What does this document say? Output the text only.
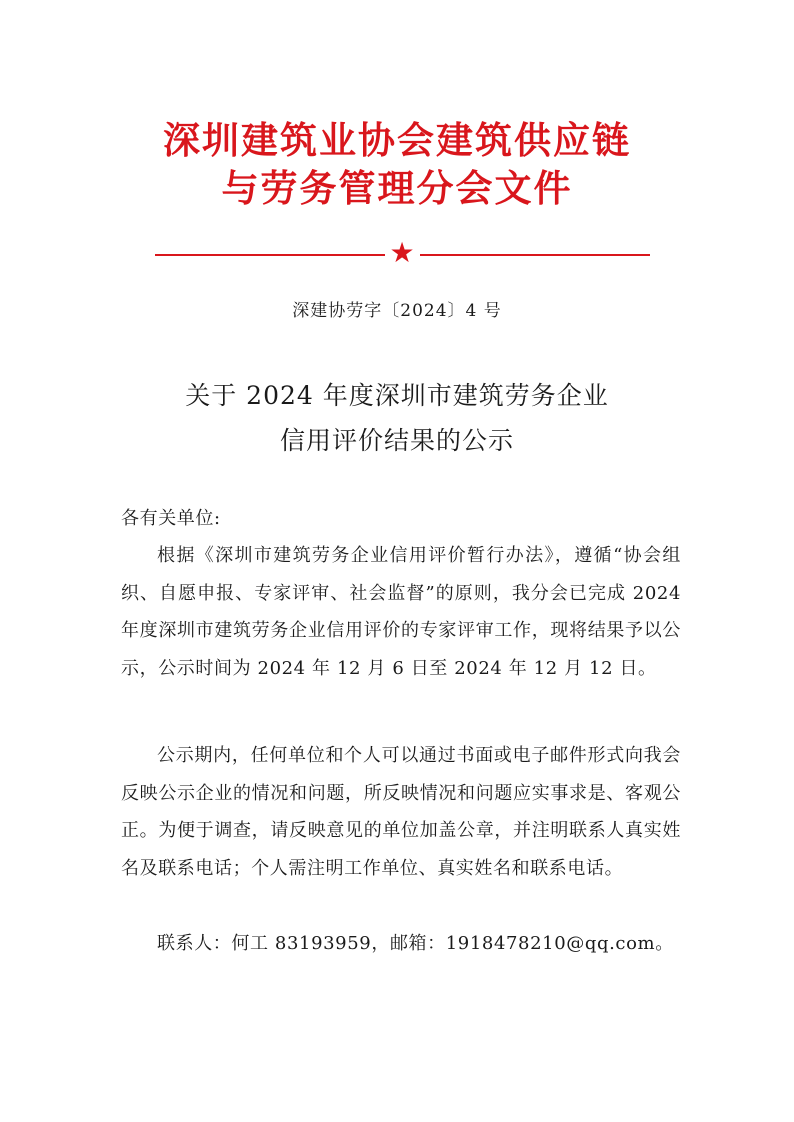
深圳建筑业协会建筑供应链
与劳务管理分会文件
★
深建协劳字〔2024〕4 号
关于 2024 年度深圳市建筑劳务企业
信用评价结果的公示
各有关单位:
根据《深圳市建筑劳务企业信用评价暂行办法》，遵循“协会组织、自愿申报、专家评审、社会监督”的原则，我分会已完成 2024 年度深圳市建筑劳务企业信用评价的专家评审工作，现将结果予以公示，公示时间为 2024 年 12 月 6 日至 2024 年 12 月 12 日。
公示期内，任何单位和个人可以通过书面或电子邮件形式向我会反映公示企业的情况和问题，所反映情况和问题应实事求是、客观公正。为便于调查，请反映意见的单位加盖公章，并注明联系人真实姓名及联系电话；个人需注明工作单位、真实姓名和联系电话。
联系人：何工 83193959，邮箱：1918478210@qq.com。
